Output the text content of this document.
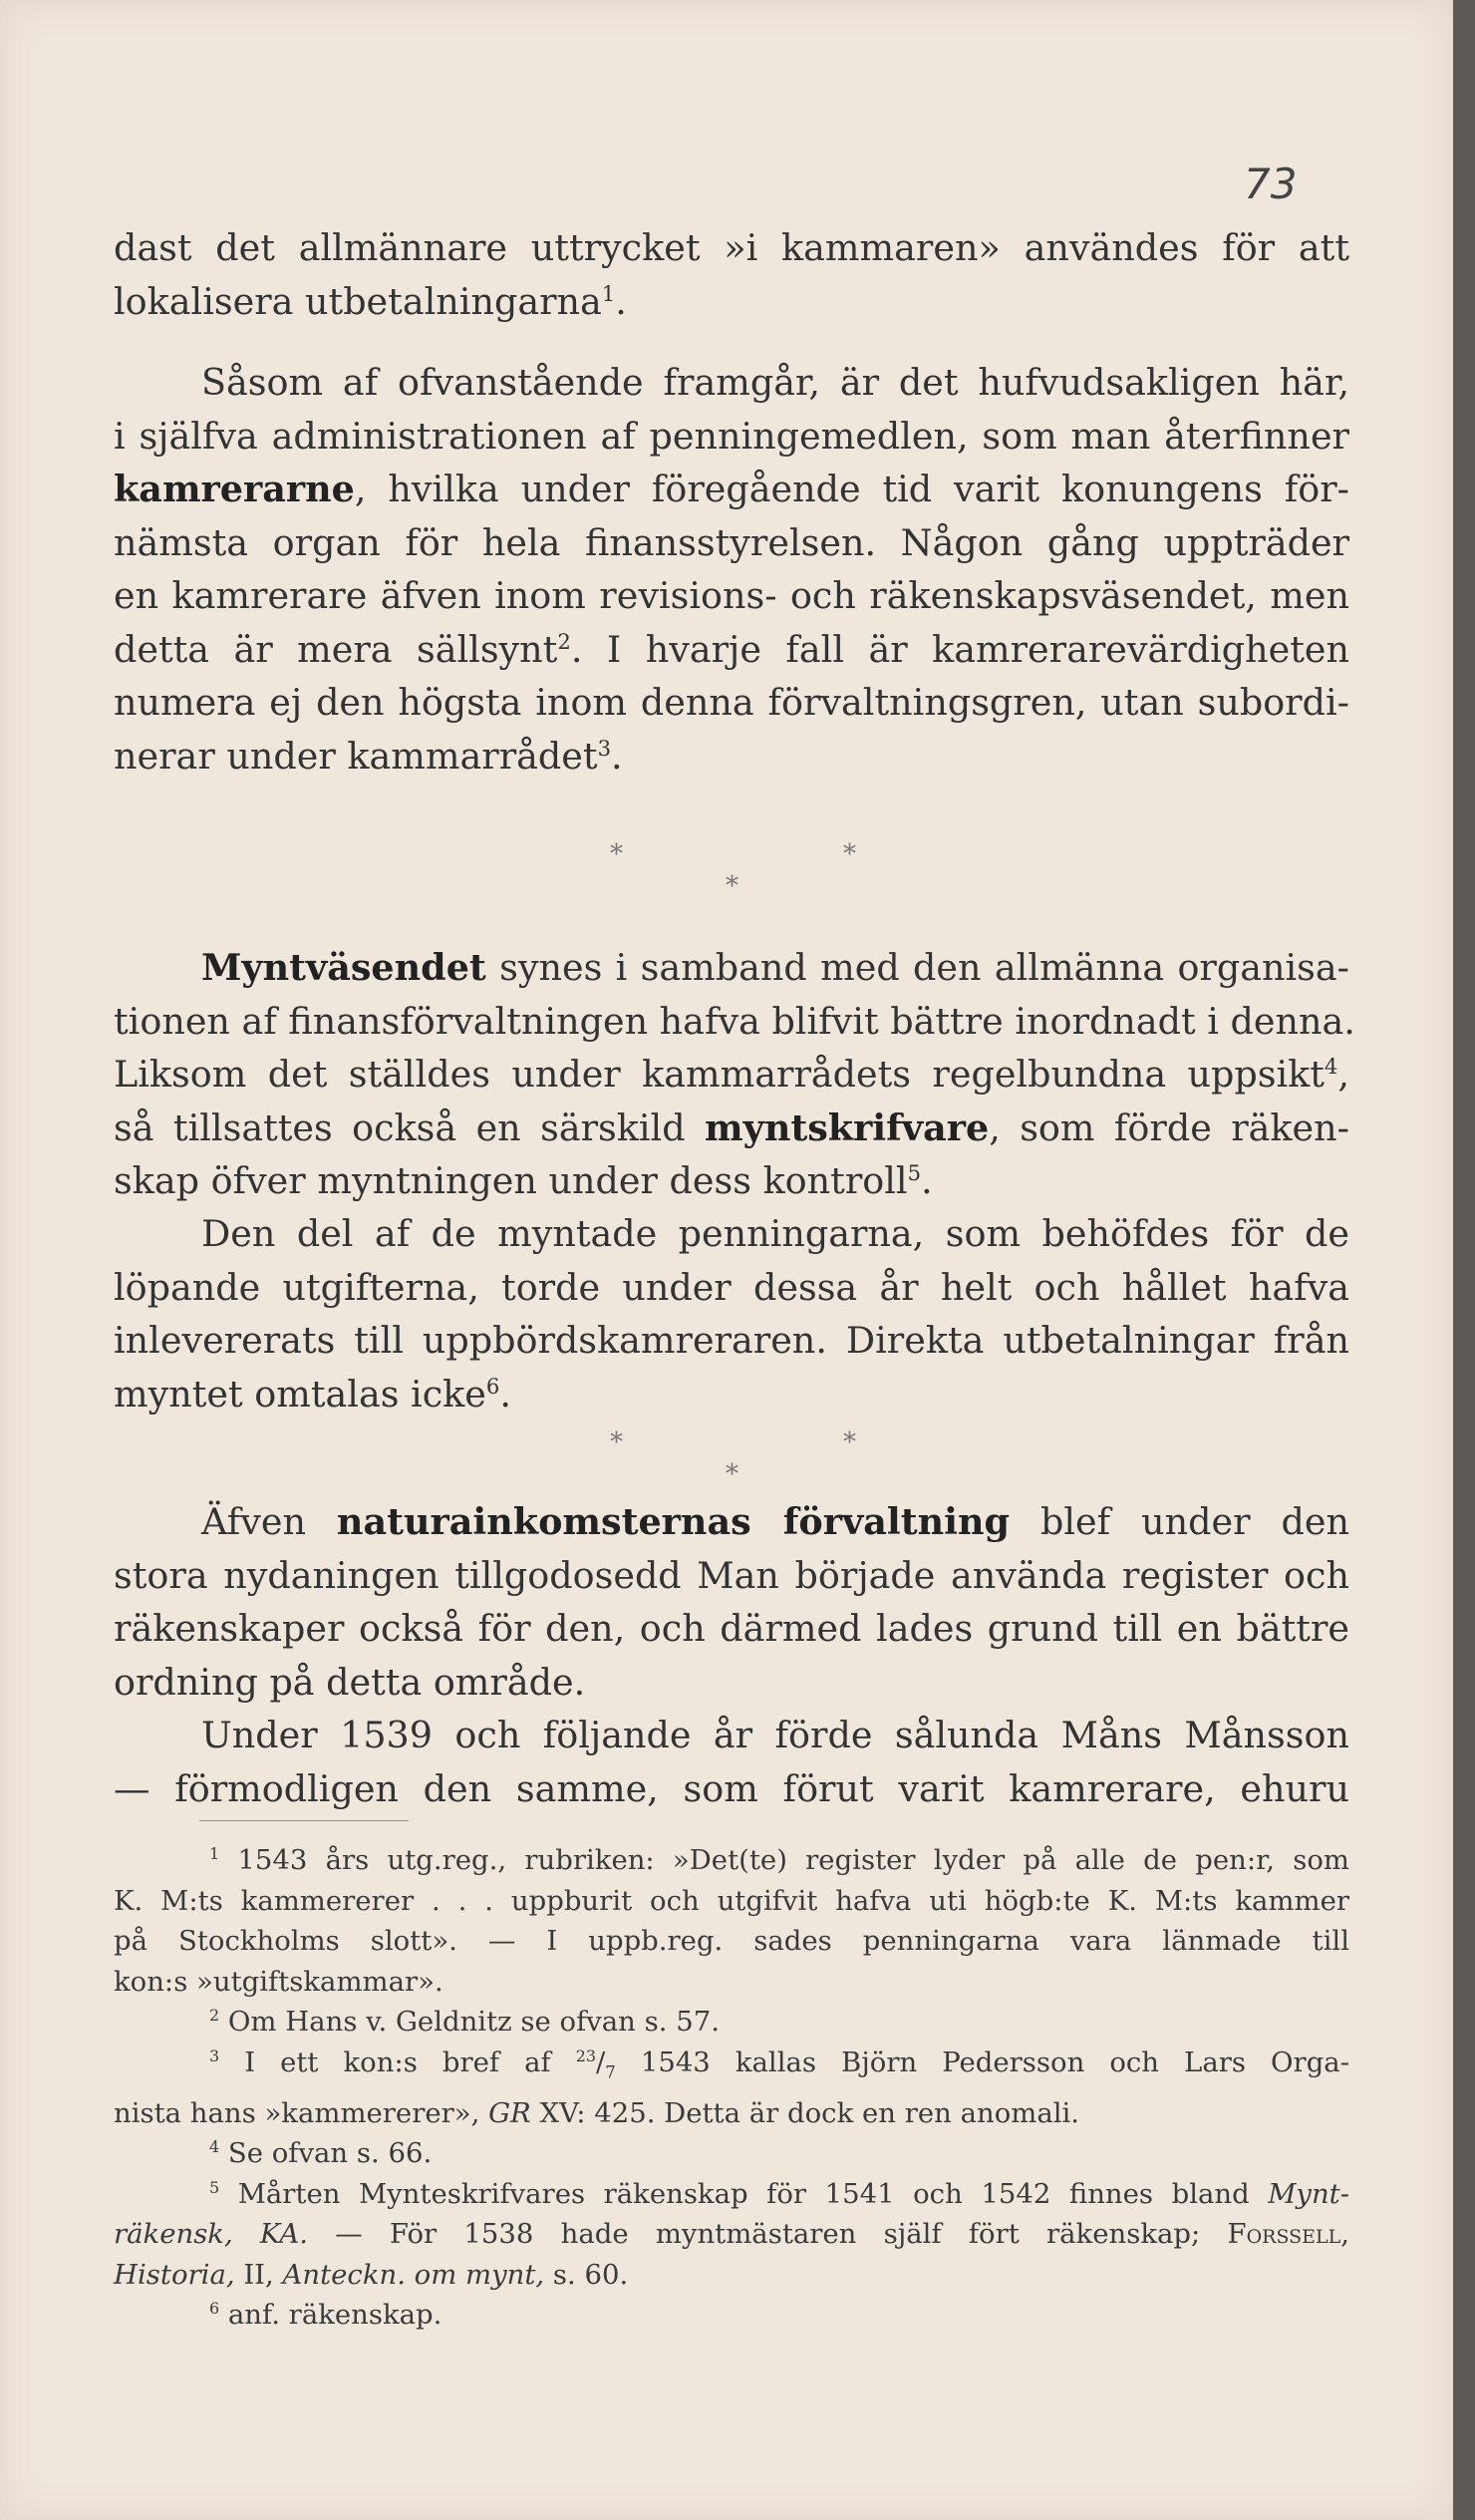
73
dast det allmännare uttrycket »i kammaren» användes för att
lokalisera utbetalningarna$^1$.
Såsom af ofvanstående framgår, är det hufvudsakligen här,
i själfva administrationen af penningemedlen, som man återfinner
kamrerarne, hvilka under föregående tid varit konungens för-
nämsta organ för hela finansstyrelsen. Någon gång uppträder
en kamrerare äfven inom revisions- och räkenskapsväsendet, men
detta är mera sällsynt$^2$. I hvarje fall är kamrerarevärdigheten
numera ej den högsta inom denna förvaltningsgren, utan subordi-
nerar under kammarrådet$^3$.
*	*
*
Myntväsendet synes i samband med den allmänna organisa-
tionen af finansförvaltningen hafva blifvit bättre inordnadt i denna.
Liksom det ställdes under kammarrådets regelbundna uppsikt$^4$,
så tillsattes också en särskild myntskrifvare, som förde räken-
skap öfver myntningen under dess kontroll$^5$.
Den del af de myntade penningarna, som behöfdes för de
löpande utgifterna, torde under dessa år helt och hållet hafva
inlevererats till uppbördskamreraren. Direkta utbetalningar från
myntet omtalas icke$^6$.
*	*
*
Äfven naturainkomsternas förvaltning blef under den
stora nydaningen tillgodosedd Man började använda register och
räkenskaper också för den, och därmed lades grund till en bättre
ordning på detta område.
Under 1539 och följande år förde sålunda Måns Månsson
— förmodligen den samme, som förut varit kamrerare, ehuru
$^1$ 1543 års utg.reg., rubriken: »Det(te) register lyder på alle de pen:r, som
K. M:ts kammererer . . . uppburit och utgifvit hafva uti högb:te K. M:ts kammer
på Stockholms slott». — I uppb.reg. sades penningarna vara länmade till
kon:s »utgiftskammar».
$^2$ Om Hans v. Geldnitz se ofvan s. 57.
$^3$ I ett kon:s bref af $^{23}/_7$ 1543 kallas Björn Pedersson och Lars Orga-
nista hans »kammererer», GR XV: 425. Detta är dock en ren anomali.
$^4$ Se ofvan s. 66.
$^5$ Mårten Mynteskrifvares räkenskap för 1541 och 1542 finnes bland Mynt-
räkensk, KA. — För 1538 hade myntmästaren själf fört räkenskap; Forssell,
Historia, II, Anteckn. om mynt, s. 60.
$^6$ anf. räkenskap.
